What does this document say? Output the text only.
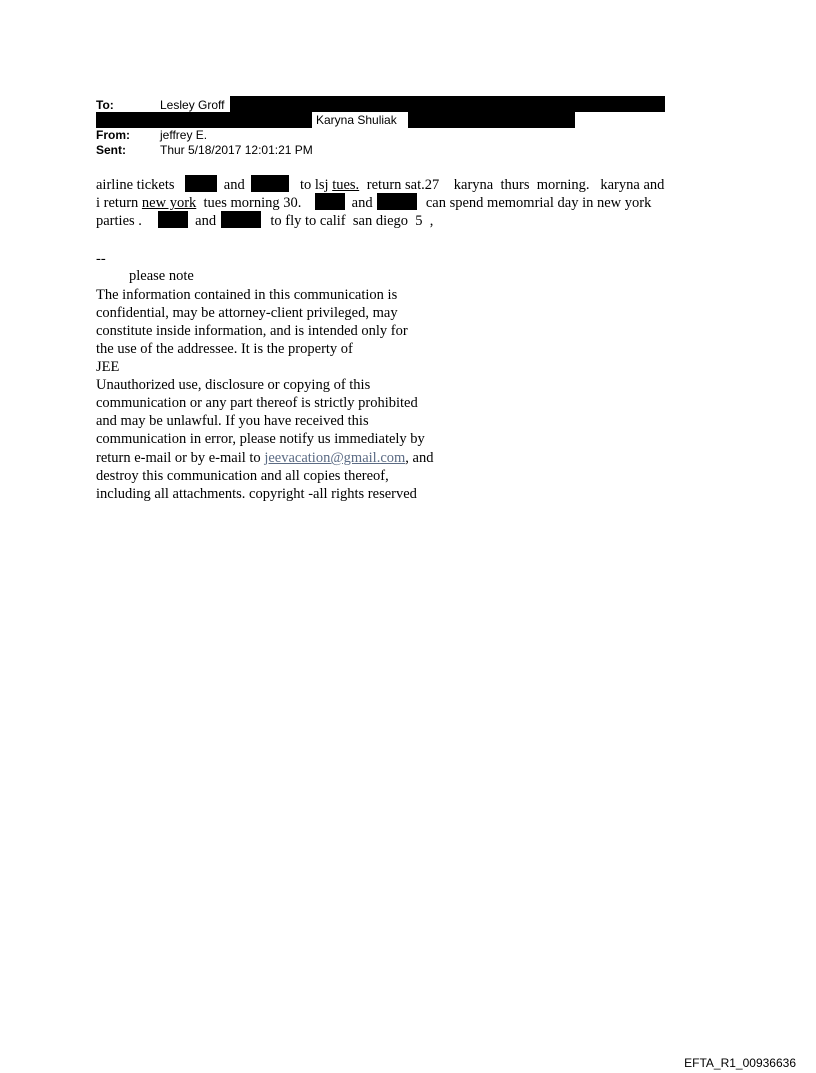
To:	Lesley Groff
Karyna Shuliak
From:	jeffrey E.
Sent:	Thur 5/18/2017 12:01:21 PM
airline tickets	and	to lsj tues. return sat.27    karyna  thurs  morning.   karyna and
i return new york  tues morning 30.	and	can spend memomrial day in new york
parties .	and	to fly to calif  san diego  5  ,
--
please note
The information contained in this communication is
confidential, may be attorney-client privileged, may
constitute inside information, and is intended only for
the use of the addressee. It is the property of
JEE
Unauthorized use, disclosure or copying of this
communication or any part thereof is strictly prohibited
and may be unlawful. If you have received this
communication in error, please notify us immediately by
return e-mail or by e-mail to jeevacation@gmail.com, and
destroy this communication and all copies thereof,
including all attachments. copyright -all rights reserved
EFTA_R1_00936636
